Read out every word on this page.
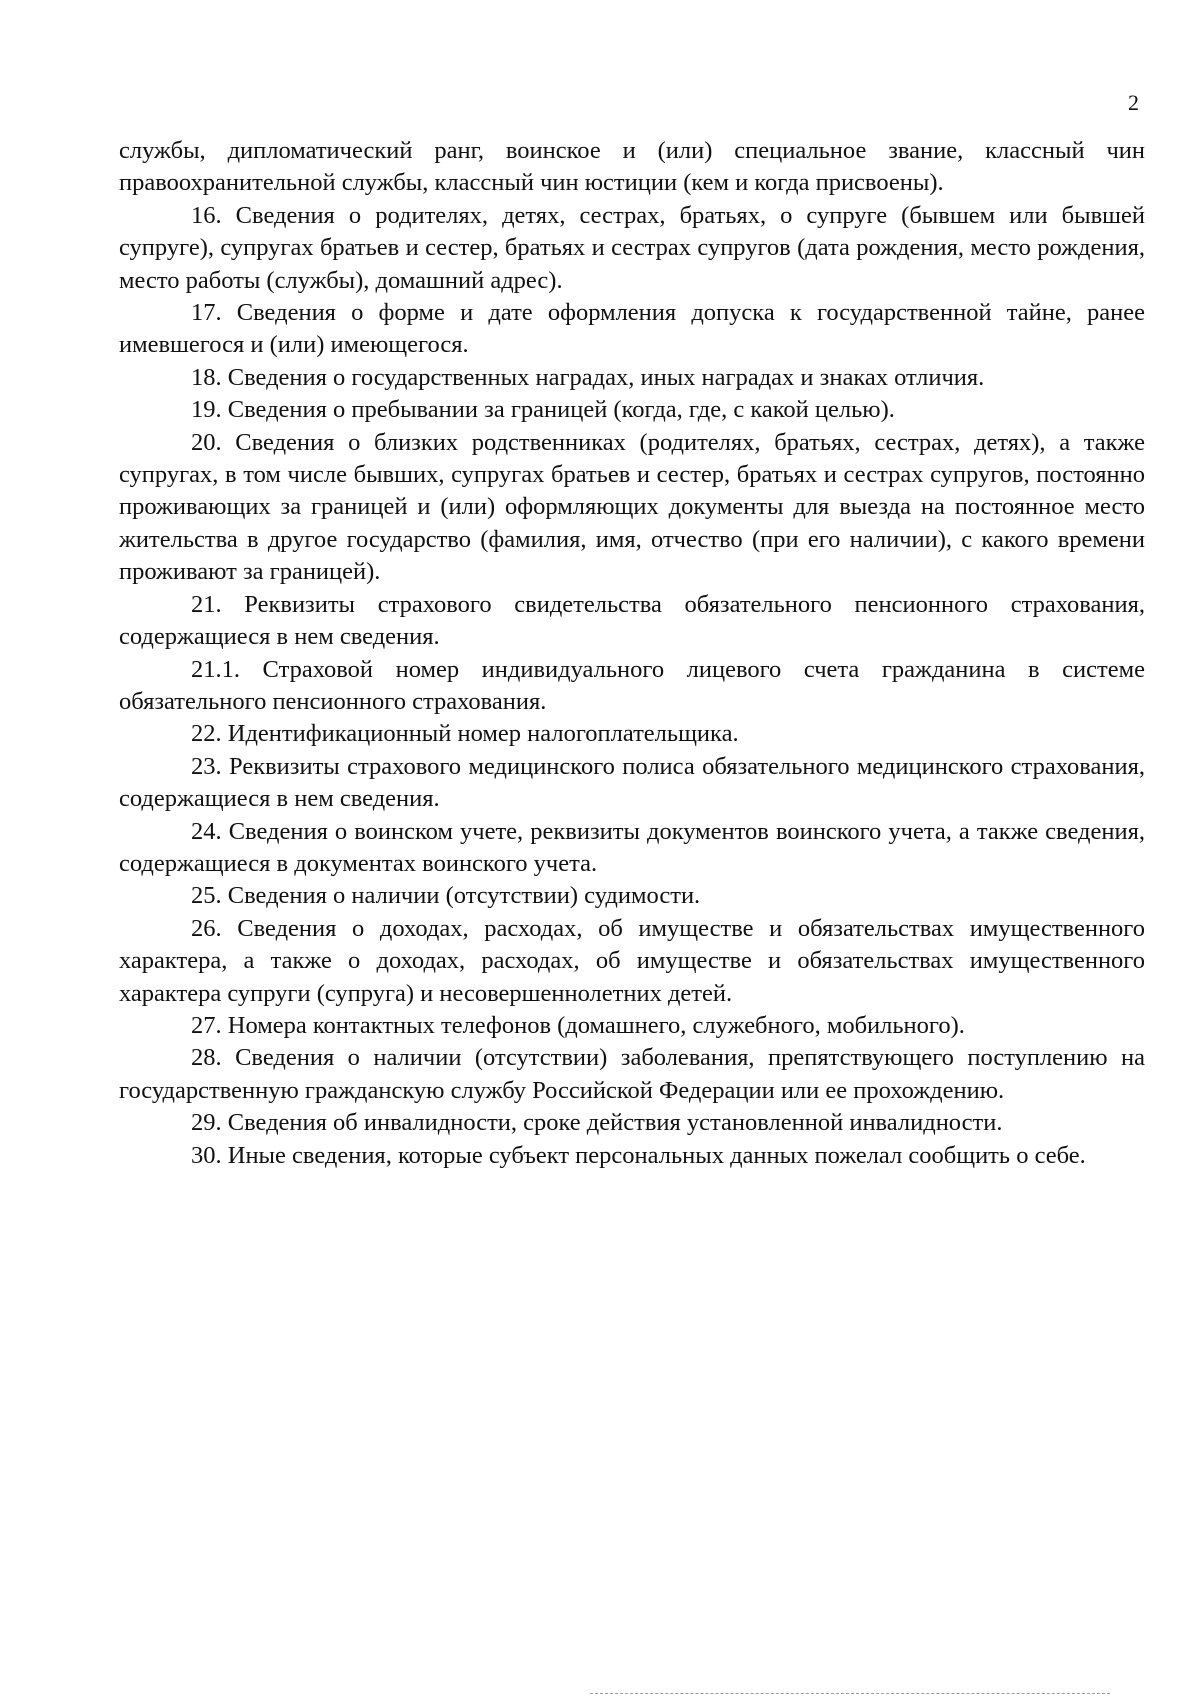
2

службы, дипломатический ранг, воинское и (или) специальное звание, классный чин правоохранительной службы, классный чин юстиции (кем и когда присвоены).

16. Сведения о родителях, детях, сестрах, братьях, о супруге (бывшем или бывшей супруге), супругах братьев и сестер, братьях и сестрах супругов (дата рождения, место рождения, место работы (службы), домашний адрес).

17. Сведения о форме и дате оформления допуска к государственной тайне, ранее имевшегося и (или) имеющегося.

18. Сведения о государственных наградах, иных наградах и знаках отличия.

19. Сведения о пребывании за границей (когда, где, с какой целью).

20. Сведения о близких родственниках (родителях, братьях, сестрах, детях), а также супругах, в том числе бывших, супругах братьев и сестер, братьях и сестрах супругов, постоянно проживающих за границей и (или) оформляющих документы для выезда на постоянное место жительства в другое государство (фамилия, имя, отчество (при его наличии), с какого времени проживают за границей).

21. Реквизиты страхового свидетельства обязательного пенсионного страхования, содержащиеся в нем сведения.

21.1. Страховой номер индивидуального лицевого счета гражданина в системе обязательного пенсионного страхования.

22. Идентификационный номер налогоплательщика.

23. Реквизиты страхового медицинского полиса обязательного медицинского страхования, содержащиеся в нем сведения.

24. Сведения о воинском учете, реквизиты документов воинского учета, а также сведения, содержащиеся в документах воинского учета.

25. Сведения о наличии (отсутствии) судимости.

26. Сведения о доходах, расходах, об имуществе и обязательствах имущественного характера, а также о доходах, расходах, об имуществе и обязательствах имущественного характера супруги (супруга) и несовершеннолетних детей.

27. Номера контактных телефонов (домашнего, служебного, мобильного).

28. Сведения о наличии (отсутствии) заболевания, препятствующего поступлению на государственную гражданскую службу Российской Федерации или ее прохождению.

29. Сведения об инвалидности, сроке действия установленной инвалидности.

30. Иные сведения, которые субъект персональных данных пожелал сообщить о себе.
